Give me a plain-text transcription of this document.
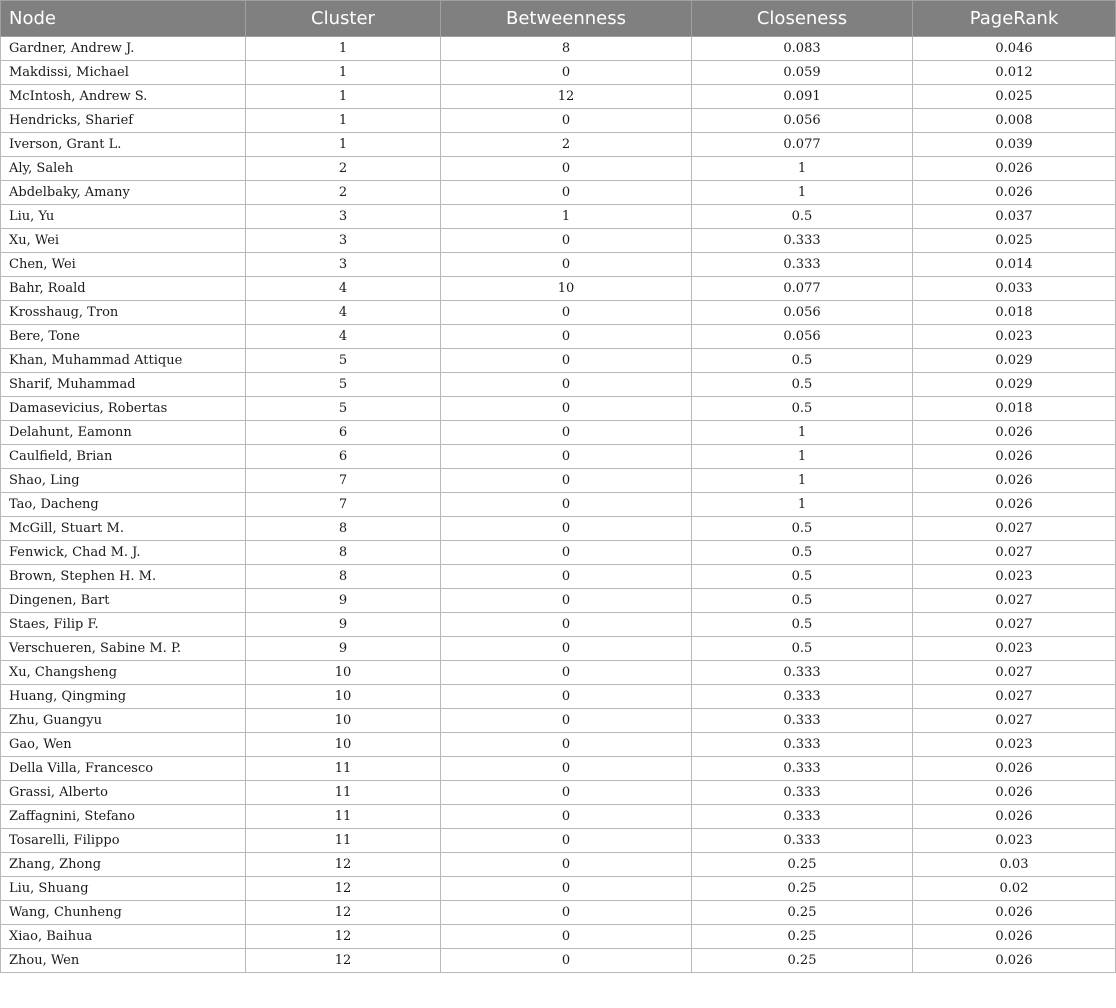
Node	Cluster	Betweenness	Closeness	PageRank
Gardner, Andrew J.	1	8	0.083	0.046
Makdissi, Michael	1	0	0.059	0.012
McIntosh, Andrew S.	1	12	0.091	0.025
Hendricks, Sharief	1	0	0.056	0.008
Iverson, Grant L.	1	2	0.077	0.039
Aly, Saleh	2	0	1	0.026
Abdelbaky, Amany	2	0	1	0.026
Liu, Yu	3	1	0.5	0.037
Xu, Wei	3	0	0.333	0.025
Chen, Wei	3	0	0.333	0.014
Bahr, Roald	4	10	0.077	0.033
Krosshaug, Tron	4	0	0.056	0.018
Bere, Tone	4	0	0.056	0.023
Khan, Muhammad Attique	5	0	0.5	0.029
Sharif, Muhammad	5	0	0.5	0.029
Damasevicius, Robertas	5	0	0.5	0.018
Delahunt, Eamonn	6	0	1	0.026
Caulfield, Brian	6	0	1	0.026
Shao, Ling	7	0	1	0.026
Tao, Dacheng	7	0	1	0.026
McGill, Stuart M.	8	0	0.5	0.027
Fenwick, Chad M. J.	8	0	0.5	0.027
Brown, Stephen H. M.	8	0	0.5	0.023
Dingenen, Bart	9	0	0.5	0.027
Staes, Filip F.	9	0	0.5	0.027
Verschueren, Sabine M. P.	9	0	0.5	0.023
Xu, Changsheng	10	0	0.333	0.027
Huang, Qingming	10	0	0.333	0.027
Zhu, Guangyu	10	0	0.333	0.027
Gao, Wen	10	0	0.333	0.023
Della Villa, Francesco	11	0	0.333	0.026
Grassi, Alberto	11	0	0.333	0.026
Zaffagnini, Stefano	11	0	0.333	0.026
Tosarelli, Filippo	11	0	0.333	0.023
Zhang, Zhong	12	0	0.25	0.03
Liu, Shuang	12	0	0.25	0.02
Wang, Chunheng	12	0	0.25	0.026
Xiao, Baihua	12	0	0.25	0.026
Zhou, Wen	12	0	0.25	0.026
